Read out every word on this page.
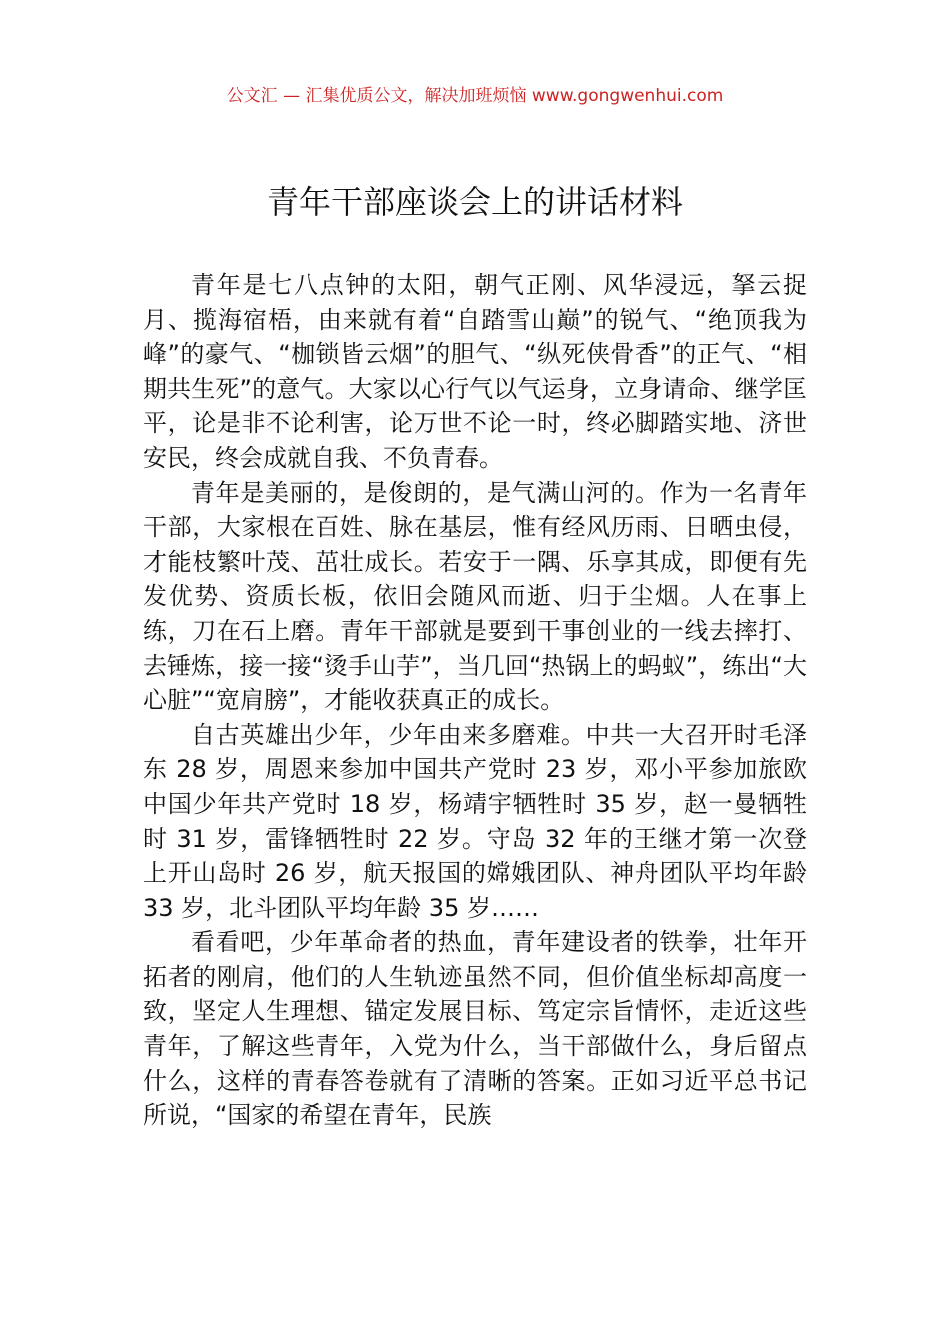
公文汇 — 汇集优质公文，解决加班烦恼 www.gongwenhui.com
青年干部座谈会上的讲话材料

青年是七八点钟的太阳，朝气正刚、风华浸远，拏云捉月、揽海宿梧，由来就有着“自踏雪山巅”的锐气、“绝顶我为峰”的豪气、“枷锁皆云烟”的胆气、“纵死侠骨香”的正气、“相期共生死”的意气。大家以心行气以气运身，立身请命、继学匡平，论是非不论利害，论万世不论一时，终必脚踏实地、济世安民，终会成就自我、不负青春。

青年是美丽的，是俊朗的，是气满山河的。作为一名青年干部，大家根在百姓、脉在基层，惟有经风历雨、日晒虫侵，才能枝繁叶茂、茁壮成长。若安于一隅、乐享其成，即便有先发优势、资质长板，依旧会随风而逝、归于尘烟。人在事上练，刀在石上磨。青年干部就是要到干事创业的一线去摔打、去锤炼，接一接“烫手山芋”，当几回“热锅上的蚂蚁”，练出“大心脏”“宽肩膀”，才能收获真正的成长。

自古英雄出少年，少年由来多磨难。中共一大召开时毛泽东 28 岁，周恩来参加中国共产党时 23 岁，邓小平参加旅欧中国少年共产党时 18 岁，杨靖宇牺牲时 35 岁，赵一曼牺牲时 31 岁，雷锋牺牲时 22 岁。守岛 32 年的王继才第一次登上开山岛时 26 岁，航天报国的嫦娥团队、神舟团队平均年龄 33 岁，北斗团队平均年龄 35 岁……

看看吧，少年革命者的热血，青年建设者的铁拳，壮年开拓者的刚肩，他们的人生轨迹虽然不同，但价值坐标却高度一致，坚定人生理想、锚定发展目标、笃定宗旨情怀，走近这些青年，了解这些青年，入党为什么，当干部做什么，身后留点什么，这样的青春答卷就有了清晰的答案。正如习近平总书记所说，“国家的希望在青年，民族
